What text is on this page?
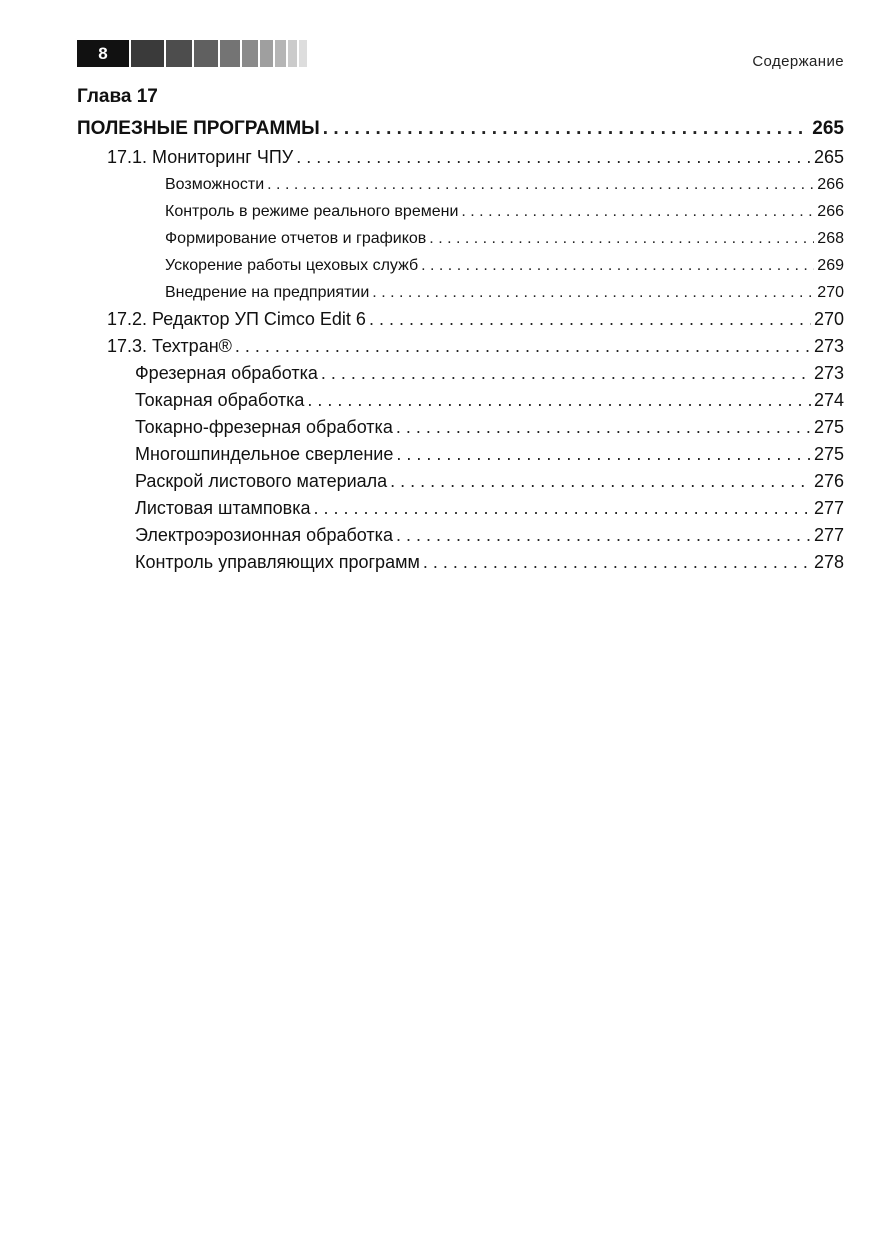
8	Содержание
Глава 17
ПОЛЕЗНЫЕ ПРОГРАММЫ . . .	265
17.1. Мониторинг ЧПУ . . .	265
Возможности . . .	266
Контроль в режиме реального времени . . .	266
Формирование отчетов и графиков . . .	268
Ускорение работы цеховых служб . . .	269
Внедрение на предприятии . . .	270
17.2. Редактор УП Cimco Edit 6 . . .	270
17.3. Техтран® . . .	273
Фрезерная обработка . . .	273
Токарная обработка . . .	274
Токарно-фрезерная обработка . . .	275
Многошпиндельное сверление . . .	275
Раскрой листового материала . . .	276
Листовая штамповка . . .	277
Электроэрозионная обработка . . .	277
Контроль управляющих программ . . .	278
